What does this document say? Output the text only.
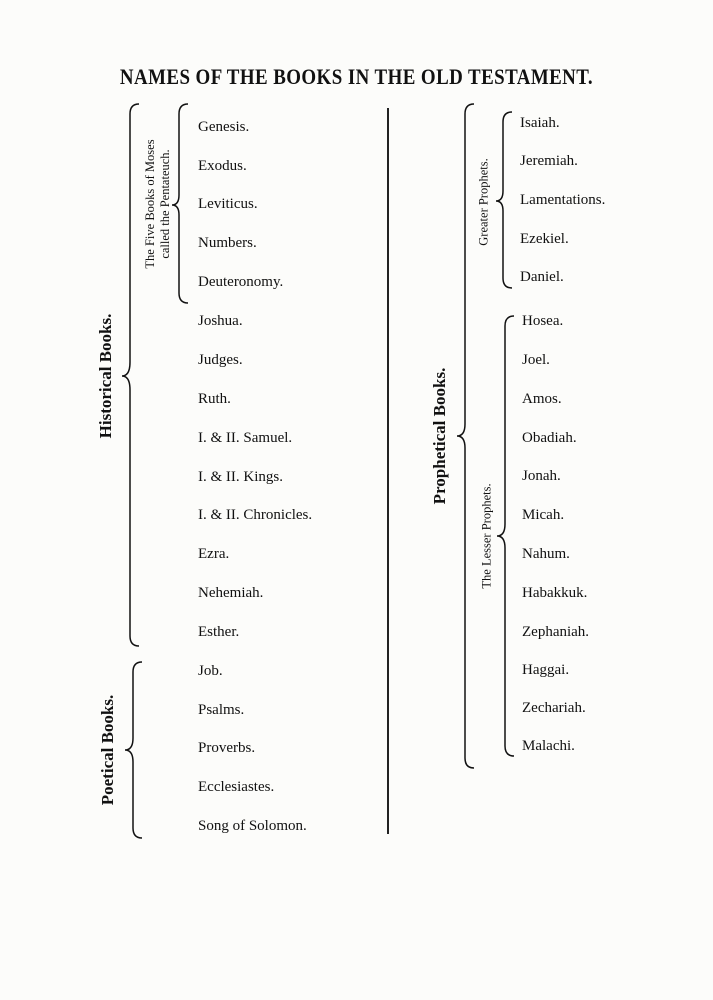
NAMES OF THE BOOKS IN THE OLD TESTAMENT.
Historical Books.
The Five Books of Moses called the Pentateuch.
Poetical Books.
Prophetical Books.
Greater Prophets.
The Lesser Prophets.
Genesis.
Exodus.
Leviticus.
Numbers.
Deuteronomy.
Joshua.
Judges.
Ruth.
I. & II. Samuel.
I. & II. Kings.
I. & II. Chronicles.
Ezra.
Nehemiah.
Esther.
Job.
Psalms.
Proverbs.
Ecclesiastes.
Song of Solomon.
Isaiah.
Jeremiah.
Lamentations.
Ezekiel.
Daniel.
Hosea.
Joel.
Amos.
Obadiah.
Jonah.
Micah.
Nahum.
Habakkuk.
Zephaniah.
Haggai.
Zechariah.
Malachi.
